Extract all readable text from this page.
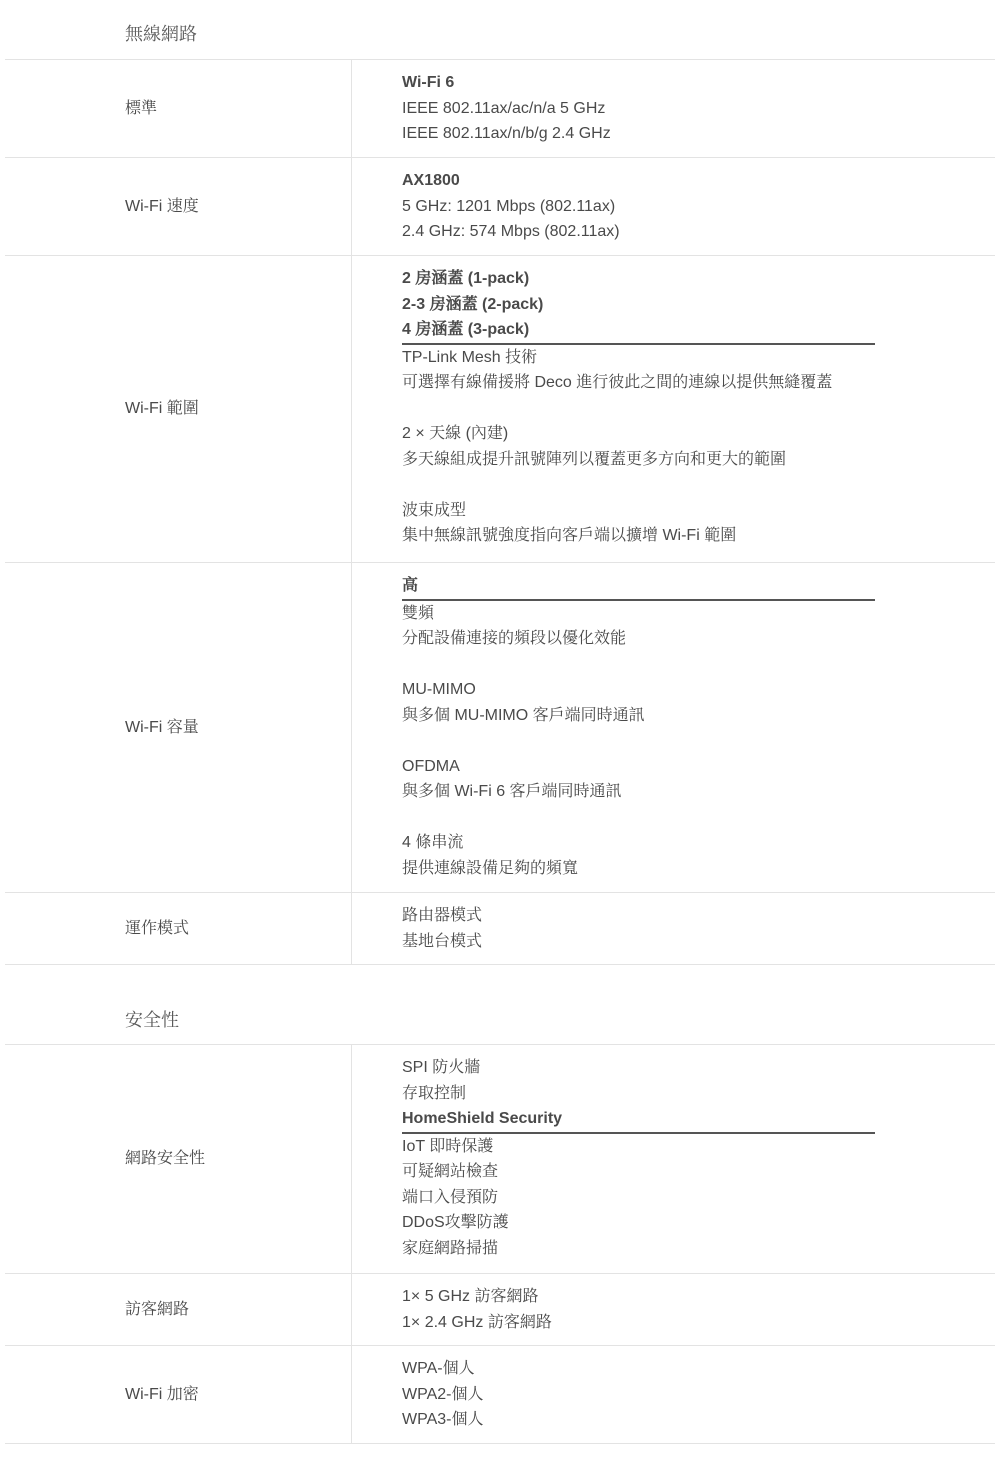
無線網路
標準
Wi-Fi 6
IEEE 802.11ax/ac/n/a 5 GHz
IEEE 802.11ax/n/b/g 2.4 GHz
Wi-Fi 速度
AX1800
5 GHz: 1201 Mbps (802.11ax)
2.4 GHz: 574 Mbps (802.11ax)
Wi-Fi 範圍
2 房涵蓋 (1-pack)
2-3 房涵蓋 (2-pack)
4 房涵蓋 (3-pack)
TP-Link Mesh 技術
可選擇有線備援將 Deco 進行彼此之間的連線以提供無縫覆蓋
2 × 天線 (內建)
多天線組成提升訊號陣列以覆蓋更多方向和更大的範圍
波束成型
集中無線訊號強度指向客戶端以擴增 Wi-Fi 範圍
Wi-Fi 容量
高
雙頻
分配設備連接的頻段以優化效能
MU-MIMO
與多個 MU-MIMO 客戶端同時通訊
OFDMA
與多個 Wi-Fi 6 客戶端同時通訊
4 條串流
提供連線設備足夠的頻寬
運作模式
路由器模式
基地台模式
安全性
網路安全性
SPI 防火牆
存取控制
HomeShield Security
IoT 即時保護
可疑網站檢查
端口入侵預防
DDoS攻擊防護
家庭網路掃描
訪客網路
1× 5 GHz 訪客網路
1× 2.4 GHz 訪客網路
Wi-Fi 加密
WPA-個人
WPA2-個人
WPA3-個人
